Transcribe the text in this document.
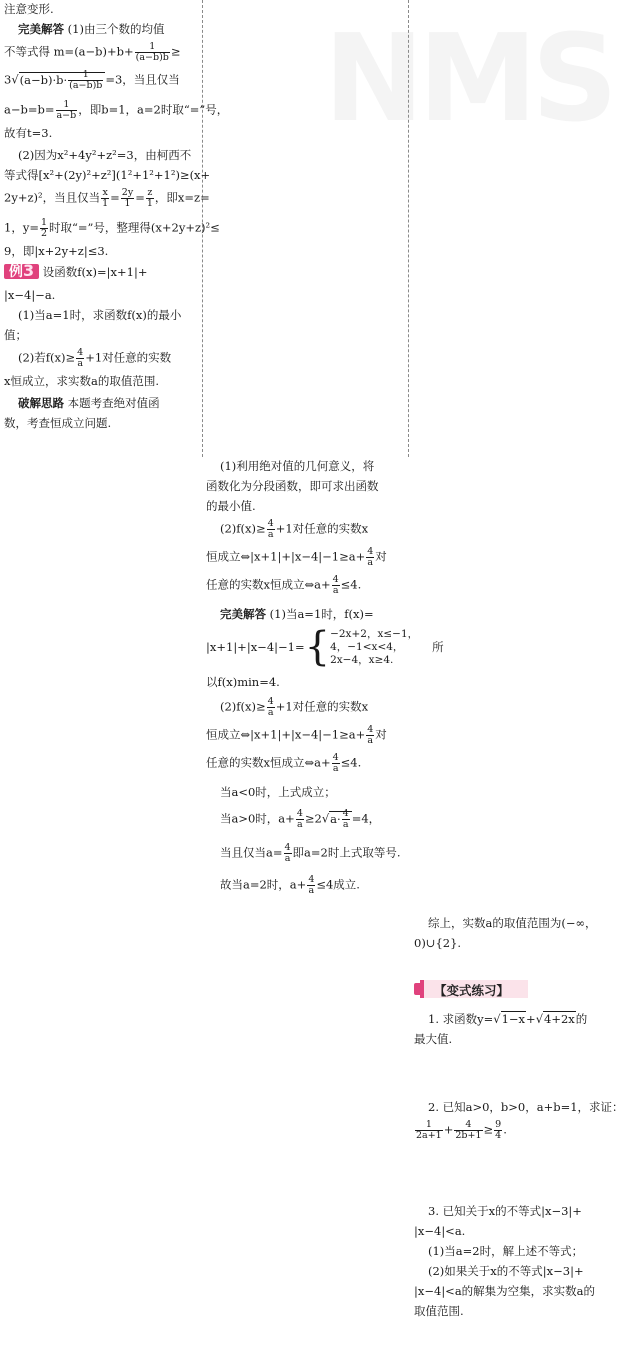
NMS
注意变形.
完美解答 (1)由三个数的均值
不等式得 $m=(a-b)+b+ \frac{1}{(a-b)b}$ ≥
$3√(a-b)\cdot b\cdot \frac{1}{(a-b)b} =3$，当且仅当
$a-b=b= \frac{1}{a-b}$ ，即b=1，a=2时取“=”号，
故有t=3.
(2)因为x²+4y²+z²=3，由柯西不
等式得[x²+(2y)²+z²](1²+1²+1²)≥(x+
2y+z)²，当且仅当 $\frac{x}{1} = \frac{2y}{1} = \frac{z}{1}$ ，即x=z=
1，$y= \frac{1}{2}$ 时取“=”号，整理得(x+2y+z)²≤
9，即|x+2y+z|≤3.
例3 设函数f(x)=|x+1|+
|x−4|−a.
(1)当a=1时，求函数f(x)的最小
值；
(2)若$f(x)\ge \frac{4}{a} +1$对任意的实数
x恒成立，求实数a的取值范围.
破解思路 本题考查绝对值函
数，考查恒成立问题.
(1)利用绝对值的几何意义，将
函数化为分段函数，即可求出函数
的最小值.
$(2)f(x)\ge \frac{4}{a} +1$对任意的实数x
恒成立⇔|x+1|+|x−4|−1≥a+ $\frac{4}{a}$ 对
任意的实数x恒成立⇔a+ $\frac{4}{a} \le 4$.
完美解答 (1)当a=1时，f(x)=
|x+1|+|x−4|−1={ −2x+2，x≤−1，
4，−1<x<4，
2x−4，x≥4.
所
以f(x)min=4.
$(2)f(x)\ge \frac{4}{a} +1$对任意的实数x
恒成立⇔|x+1|+|x−4|−1≥a+ $\frac{4}{a}$ 对
任意的实数x恒成立⇔a+ $\frac{4}{a} \le 4$.
当a<0时，上式成立；
当a>0时，$a+ \frac{4}{a} \ge 2√a\cdot \frac{4}{a} =4$，
当且仅当$a= \frac{4}{a}$ 即a=2时上式取等号.
故当a=2时，$a+ \frac{4}{a} \le 4$成立.
综上，实数a的取值范围为(−∞，
0)∪{2}.
【变式练习】
1. 求函数y=√1−x+√4+2x的
最大值.
2. 已知a>0，b>0，a+b=1，求证：
$\frac{1}{2a+1} + \frac{4}{2b+1} \ge \frac{9}{4}$ .
3. 已知关于x的不等式|x−3|+
|x−4|<a.
(1)当a=2时，解上述不等式；
(2)如果关于x的不等式|x−3|+
|x−4|<a的解集为空集，求实数a的
取值范围.
